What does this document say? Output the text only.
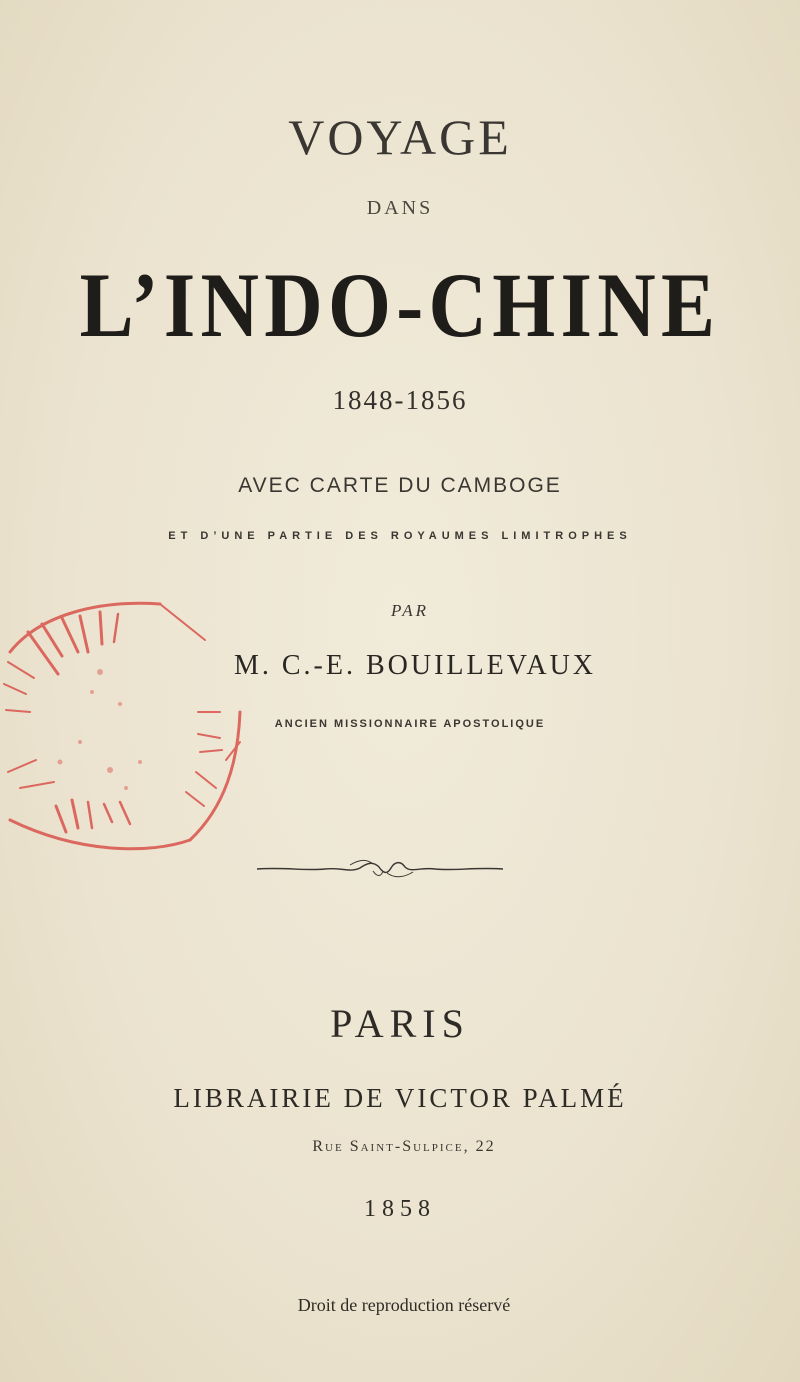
VOYAGE
DANS
L’INDO-CHINE
1848-1856
AVEC CARTE DU CAMBOGE
ET D’UNE PARTIE DES ROYAUMES LIMITROPHES
PAR
M. C.-E. BOUILLEVAUX
ANCIEN MISSIONNAIRE APOSTOLIQUE
PARIS
LIBRAIRIE DE VICTOR PALMÉ
Rue Saint-Sulpice, 22
1858
Droit de reproduction réservé
